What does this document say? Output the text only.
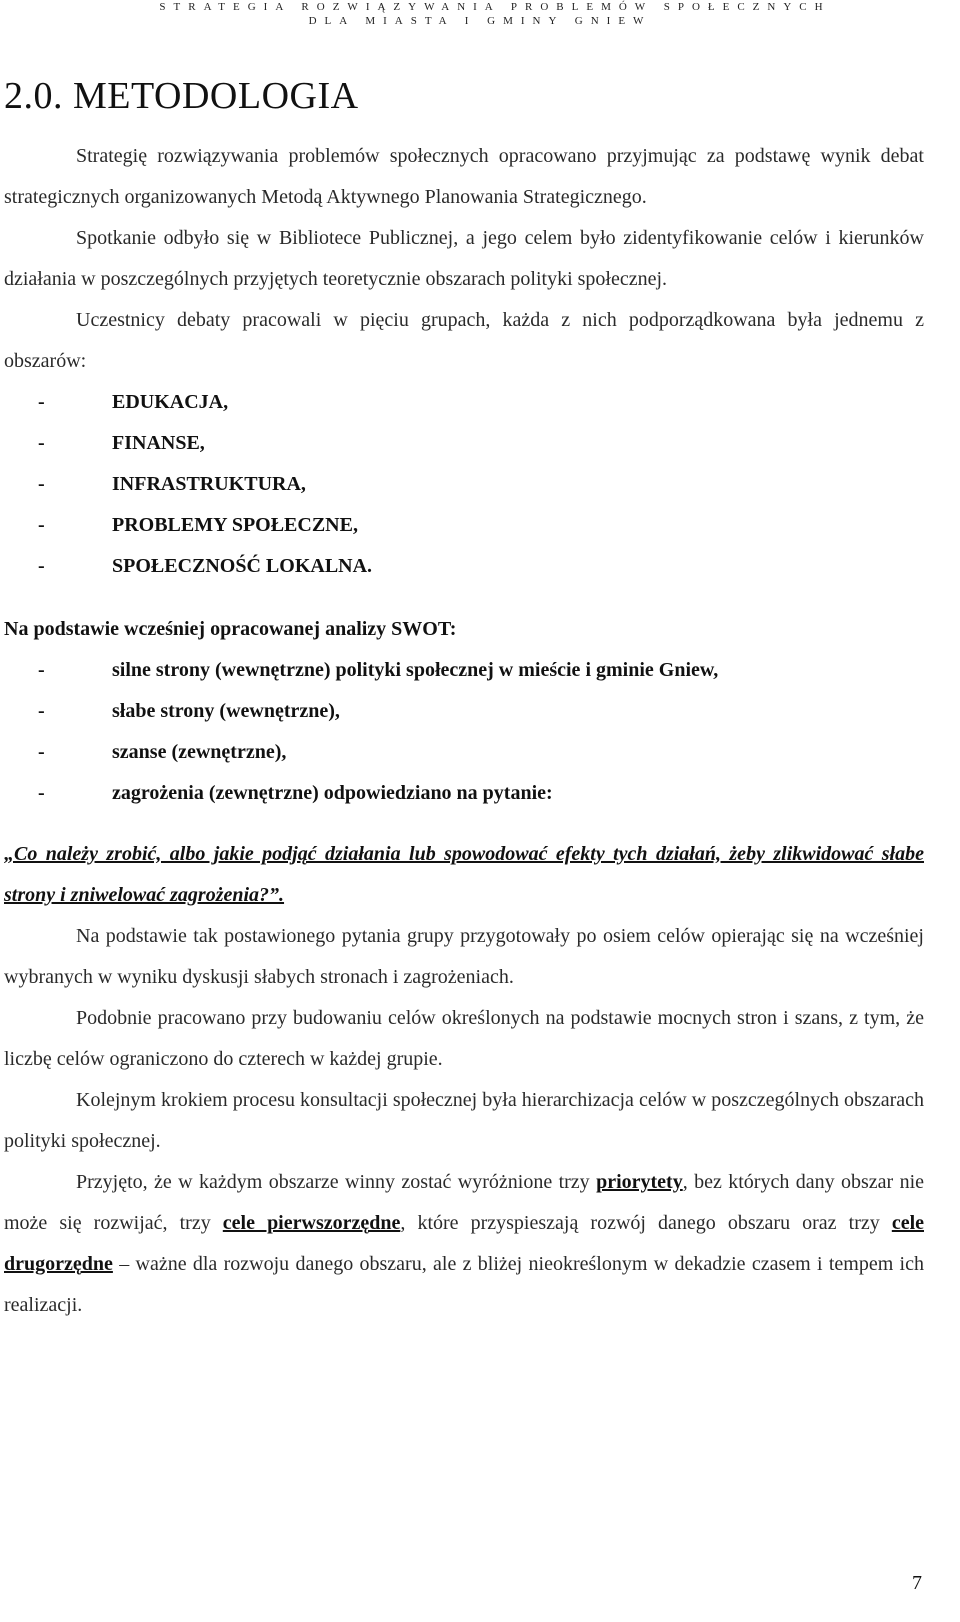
STRATEGIA ROZWIĄZYWANIA PROBLEMÓW SPOŁECZNYCH
DLA MIASTA I GMINY GNIEW
2.0. METODOLOGIA

Strategię rozwiązywania problemów społecznych opracowano przyjmując za podstawę wynik debat strategicznych organizowanych Metodą Aktywnego Planowania Strategicznego.

Spotkanie odbyło się w Bibliotece Publicznej, a jego celem było zidentyfikowanie celów i kierunków działania w poszczególnych przyjętych teoretycznie obszarach polityki społecznej.

Uczestnicy debaty pracowali w pięciu grupach, każda z nich podporządkowana była jednemu z obszarów:

-	EDUKACJA,
-	FINANSE,
-	INFRASTRUKTURA,
-	PROBLEMY SPOŁECZNE,
-	SPOŁECZNOŚĆ LOKALNA.

Na podstawie wcześniej opracowanej analizy SWOT:

-	silne strony (wewnętrzne) polityki społecznej w mieście i gminie Gniew,
-	słabe strony (wewnętrzne),
-	szanse (zewnętrzne),
-	zagrożenia (zewnętrzne) odpowiedziano na pytanie:

„Co należy zrobić, albo jakie podjąć działania lub spowodować efekty tych działań, żeby zlikwidować słabe strony i zniwelować zagrożenia?”.

Na podstawie tak postawionego pytania grupy przygotowały po osiem celów opierając się na wcześniej wybranych w wyniku dyskusji słabych stronach i zagrożeniach.

Podobnie pracowano przy budowaniu celów określonych na podstawie mocnych stron i szans, z tym, że liczbę celów ograniczono do czterech w każdej grupie.

Kolejnym krokiem procesu konsultacji społecznej była hierarchizacja celów w poszczególnych obszarach polityki społecznej.

Przyjęto, że w każdym obszarze winny zostać wyróżnione trzy priorytety, bez których dany obszar nie może się rozwijać, trzy cele pierwszorzędne, które przyspieszają rozwój danego obszaru oraz trzy cele drugorzędne – ważne dla rozwoju danego obszaru, ale z bliżej nieokreślonym w dekadzie czasem i tempem ich realizacji.

7
